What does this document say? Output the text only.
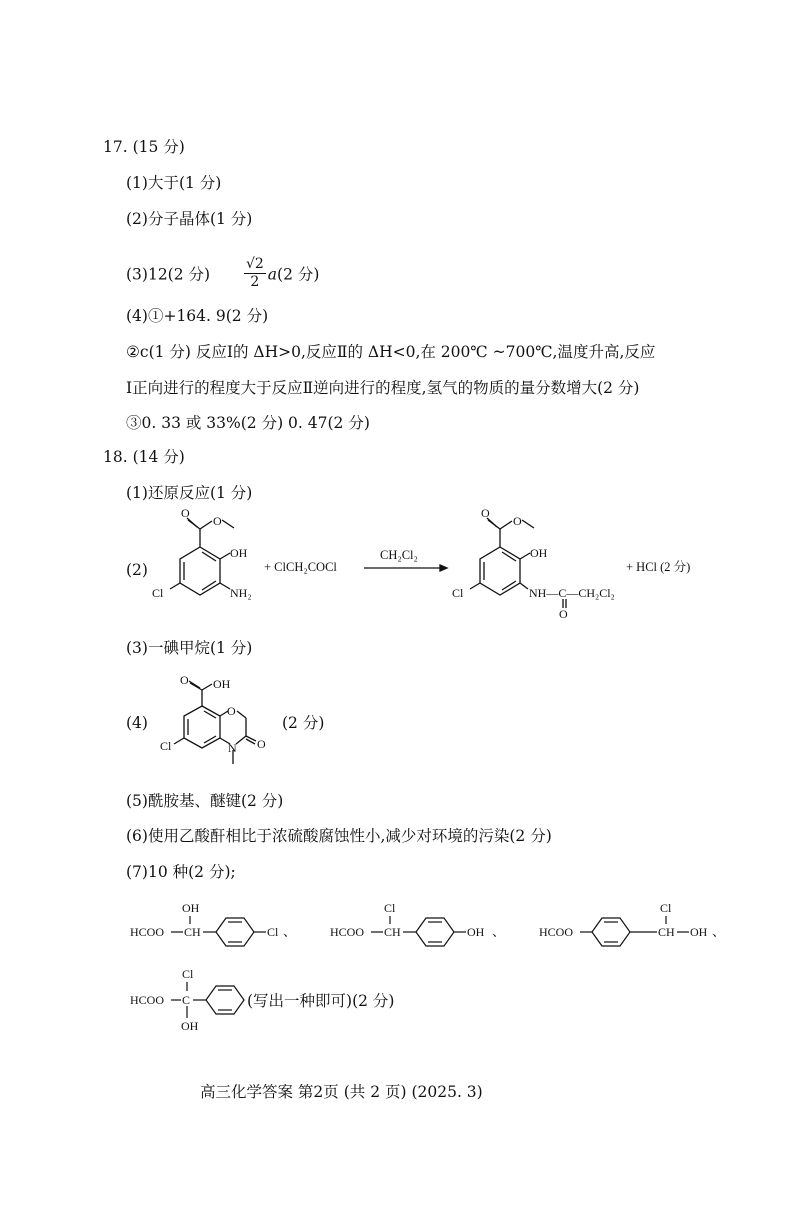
17. (15 分)
(1)大于(1 分)
(2)分子晶体(1 分)
(3)12(2 分) $\frac{√2}{2} a(2$ 分)
(4)①+164. 9(2 分)
②c(1 分) 反应Ⅰ的 ΔH>0,反应Ⅱ的 ΔH<0,在 200℃ ~700℃,温度升高,反应
Ⅰ正向进行的程度大于反应Ⅱ逆向进行的程度,氢气的物质的量分数增大(2 分)
③0. 33 或 33%(2 分) 0. 47(2 分)
18. (14 分)
(1)还原反应(1 分)
(2)
O
O
OH
NH₂
Cl
+ ClCH₂COCl
CH₂Cl₂
O
O
OH
Cl	NH—C—CH₂Cl₂
O
+ HCl (2 分)
(3)一碘甲烷(1 分)
(4)
O OH
O
N O
Cl
(2 分)
(5)酰胺基、醚键(2 分)
(6)使用乙酸酐相比于浓硫酸腐蚀性小,减少对环境的污染(2 分)
(7)10 种(2 分);
HCOO CH
OH
Cl 、	HCOO CH
Cl
OH 、	HCOO
Cl
CH OH 、
HCOO C
Cl
OH
(写出一种即可)(2 分)
高三化学答案 第2页 (共 2 页) (2025. 3)
